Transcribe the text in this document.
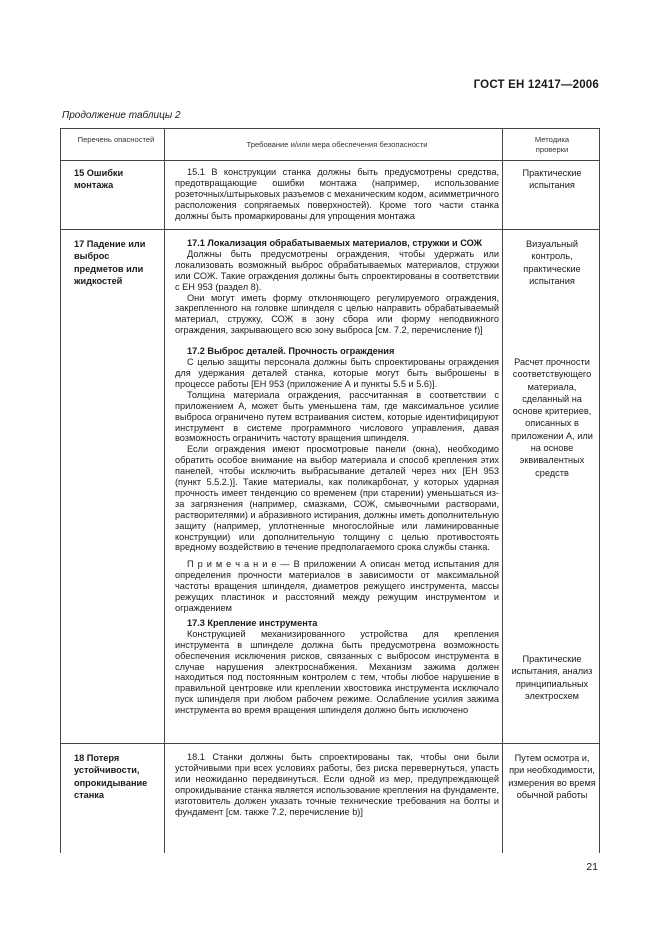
ГОСТ ЕН 12417—2006
Продолжение таблицы 2
Перечень опасностей
Требование и/или мера обеспечения безопасности
Методика проверки
15 Ошибки монтажа

15.1 В конструкции станка должны быть предусмотрены средства, предотвращающие ошибки монтажа (например, использование розеточных/штырьковых разъемов с механическим кодом, асимметричного расположения сопрягаемых поверхностей). Кроме того части станка должны быть промаркированы для упрощения монтажа

Практические испытания
17 Падение или выброс предметов или жидкостей

17.1 Локализация обрабатываемых материалов, стружки и СОЖ

Должны быть предусмотрены ограждения, чтобы удержать или локализовать возможный выброс обрабатываемых материалов, стружки или СОЖ. Такие ограждения должны быть спроектированы в соответствии с ЕН 953 (раздел 8).

Они могут иметь форму отклоняющего регулируемого ограждения, закрепленного на головке шпинделя с целью направить обрабатываемый материал, стружку, СОЖ в зону сбора или форму неподвижного ограждения, закрывающего всю зону выброса [см. 7.2, перечисление f)]

17.2 Выброс деталей. Прочность ограждения

С целью защиты персонала должны быть спроектированы ограждения для удержания деталей станка, которые могут быть выброшены в процессе работы [ЕН 953 (приложение А и пункты 5.5 и 5.6)].

Толщина материала ограждения, рассчитанная в соответствии с приложением А, может быть уменьшена там, где максимальное усилие выброса ограничено путем встраивания систем, которые идентифицируют инструмент в системе программного числового управления, давая возможность ограничить частоту вращения шпинделя.

Если ограждения имеют просмотровые панели (окна), необходимо обратить особое внимание на выбор материала и способ крепления этих панелей, чтобы исключить выбрасывание деталей через них [ЕН 953 (пункт 5.5.2.)]. Такие материалы, как поликарбонат, у которых ударная прочность имеет тенденцию со временем (при старении) уменьшаться из-за загрязнения (например, смазками, СОЖ, смывочными растворами, растворителями) и абразивного истирания, должны иметь дополнительную защиту (например, уплотненные многослойные или ламинированные конструкции) или дополнительную толщину с целью противостоять вредному воздействию в течение предполагаемого срока службы станка.

П р и м е ч а н и е — В приложении А описан метод испытания для определения прочности материалов в зависимости от максимальной частоты вращения шпинделя, диаметров режущего инструмента, массы режущих пластинок и расстояний между режущим инструментом и ограждением

17.3 Крепление инструмента

Конструкцией механизированного устройства для крепления инструмента в шпинделе должна быть предусмотрена возможность обеспечения исключения рисков, связанных с выбросом инструмента в случае нарушения электроснабжения. Механизм зажима должен находиться под постоянным контролем с тем, чтобы любое нарушение в правильной центровке или креплении хвостовика инструмента исключало пуск шпинделя при любом рабочем режиме. Ослабление усилия зажима инструмента во время вращения шпинделя должно быть исключено

Визуальный контроль, практические испытания
Расчет прочности соответствующего материала, сделанный на основе критериев, описанных в приложении А, или на основе эквивалентных средств
Практические испытания, анализ принципиальных электросхем
18 Потеря устойчивости, опрокидывание станка

18.1 Станки должны быть спроектированы так, чтобы они были устойчивыми при всех условиях работы, без риска перевернуться, упасть или неожиданно передвинуться. Если одной из мер, предупреждающей опрокидывание станка является использование крепления на фундаменте, изготовитель должен указать точные технические требования на болты и фундамент [см. также 7.2, перечисление b)]

Путем осмотра и, при необходимости, измерения во время обычной работы
21
